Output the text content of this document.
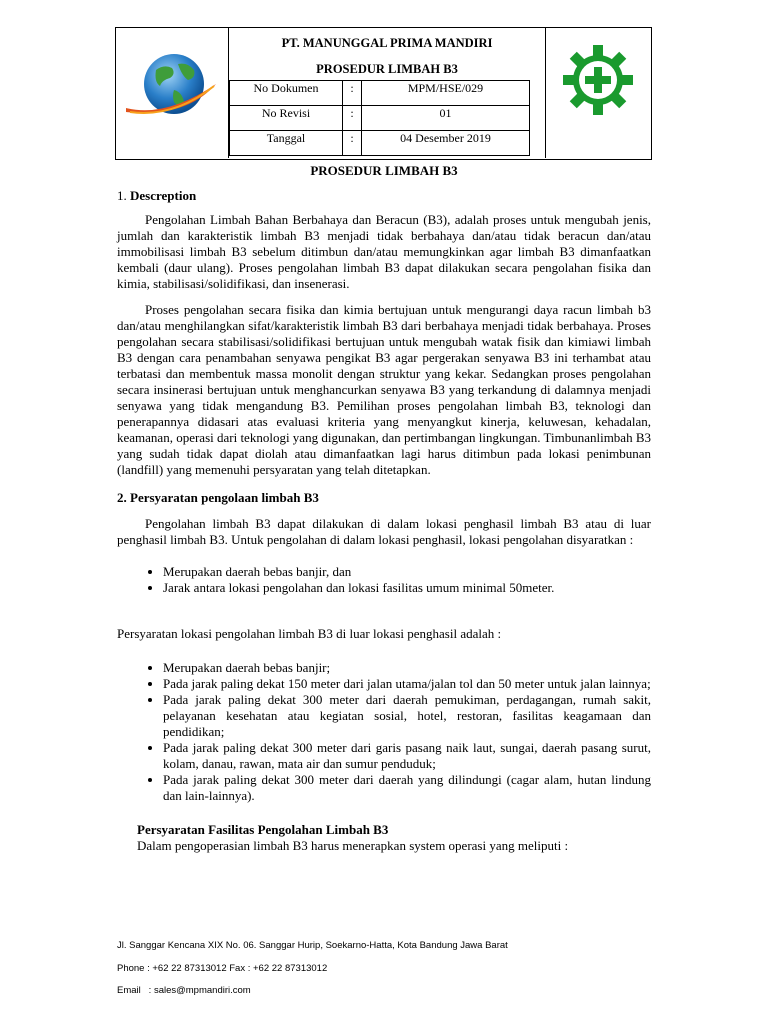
PT. MANUNGGAL PRIMA MANDIRI
PROSEDUR LIMBAH B3
No Dokumen	:	MPM/HSE/029
No Revisi	:	01
Tanggal	:	04 Desember 2019
PROSEDUR LIMBAH B3
1. Descreption

Pengolahan Limbah Bahan Berbahaya dan Beracun (B3), adalah proses untuk mengubah jenis, jumlah dan karakteristik limbah B3 menjadi tidak berbahaya dan/atau tidak beracun dan/atau immobilisasi limbah B3 sebelum ditimbun dan/atau memungkinkan agar limbah B3 dimanfaatkan kembali (daur ulang). Proses pengolahan limbah B3 dapat dilakukan secara pengolahan fisika dan kimia, stabilisasi/solidifikasi, dan insenerasi.

Proses pengolahan secara fisika dan kimia bertujuan untuk mengurangi daya racun limbah b3 dan/atau menghilangkan sifat/karakteristik limbah B3 dari berbahaya menjadi tidak berbahaya. Proses pengolahan secara stabilisasi/solidifikasi bertujuan untuk mengubah watak fisik dan kimiawi limbah B3 dengan cara penambahan senyawa pengikat B3 agar pergerakan senyawa B3 ini terhambat atau terbatasi dan membentuk massa monolit dengan struktur yang kekar. Sedangkan proses pengolahan secara insinerasi bertujuan untuk menghancurkan senyawa B3 yang terkandung di dalamnya menjadi senyawa yang tidak mengandung B3. Pemilihan proses pengolahan limbah B3, teknologi dan penerapannya didasari atas evaluasi kriteria yang menyangkut kinerja, keluwesan, kehadalan, keamanan, operasi dari teknologi yang digunakan, dan pertimbangan lingkungan. Timbunanlimbah B3 yang sudah tidak dapat diolah atau dimanfaatkan lagi harus ditimbun pada lokasi penimbunan (landfill) yang memenuhi persyaratan yang telah ditetapkan.

2. Persyaratan pengolaan limbah B3

Pengolahan limbah B3 dapat dilakukan di dalam lokasi penghasil limbah B3 atau di luar penghasil limbah B3. Untuk pengolahan di dalam lokasi penghasil, lokasi pengolahan disyaratkan :

• Merupakan daerah bebas banjir, dan
• Jarak antara lokasi pengolahan dan lokasi fasilitas umum minimal 50meter.
Persyaratan lokasi pengolahan limbah B3 di luar lokasi penghasil adalah :
• Merupakan daerah bebas banjir;
• Pada jarak paling dekat 150 meter dari jalan utama/jalan tol dan 50 meter untuk jalan lainnya;
• Pada jarak paling dekat 300 meter dari daerah pemukiman, perdagangan, rumah sakit, pelayanan kesehatan atau kegiatan sosial, hotel, restoran, fasilitas keagamaan dan pendidikan;
• Pada jarak paling dekat 300 meter dari garis pasang naik laut, sungai, daerah pasang surut, kolam, danau, rawan, mata air dan sumur penduduk;
• Pada jarak paling dekat 300 meter dari daerah yang dilindungi (cagar alam, hutan lindung dan lain-lainnya).
Persyaratan Fasilitas Pengolahan Limbah B3
Dalam pengoperasian limbah B3 harus menerapkan system operasi yang meliputi :
Jl. Sanggar Kencana XIX No. 06. Sanggar Hurip, Soekarno-Hatta, Kota Bandung Jawa Barat
Phone : +62 22 87313012 Fax : +62 22 87313012
Email   : sales@mpmandiri.com
